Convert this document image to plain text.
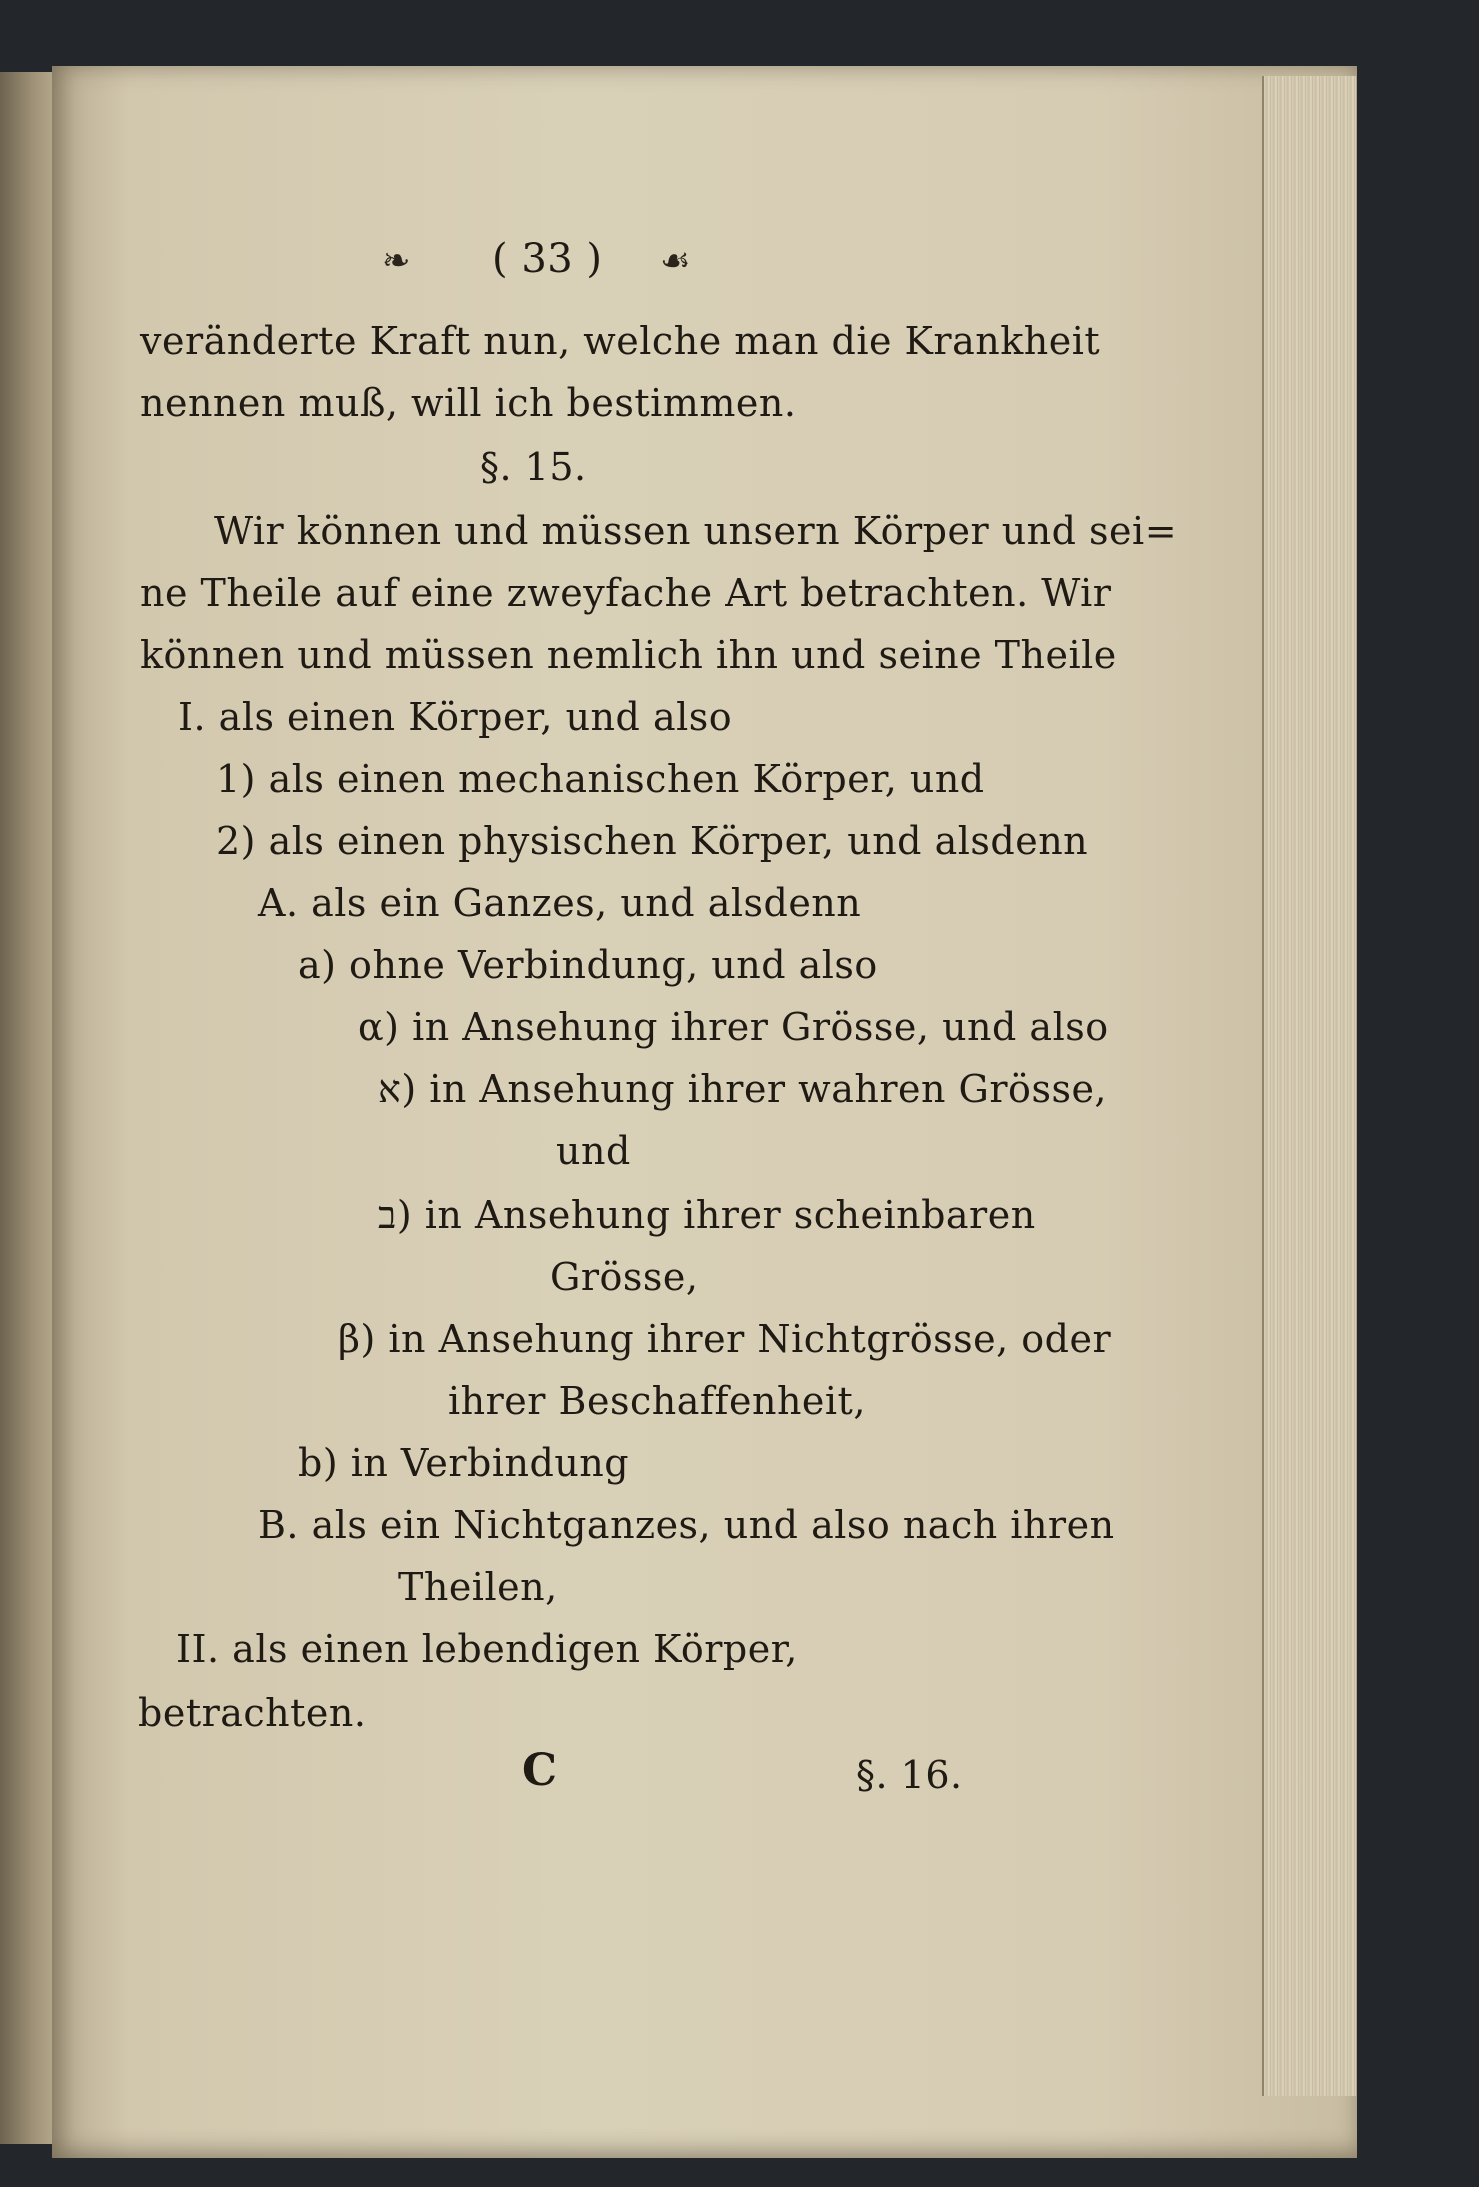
❧ ( 33 ) ☙
veränderte Kraft nun, welche man die Krankheit
nennen muß, will ich bestimmen.
§. 15.
Wir können und müssen unsern Körper und sei=
ne Theile auf eine zweyfache Art betrachten. Wir
können und müssen nemlich ihn und seine Theile
I. als einen Körper, und also
1) als einen mechanischen Körper, und
2) als einen physischen Körper, und alsdenn
A. als ein Ganzes, und alsdenn
a) ohne Verbindung, und also
α) in Ansehung ihrer Grösse, und also
א) in Ansehung ihrer wahren Grösse,
und
ב) in Ansehung ihrer scheinbaren
Grösse,
β) in Ansehung ihrer Nichtgrösse, oder
ihrer Beschaffenheit,
b) in Verbindung
B. als ein Nichtganzes, und also nach ihren
Theilen,
II. als einen lebendigen Körper,
betrachten.
C	§. 16.
